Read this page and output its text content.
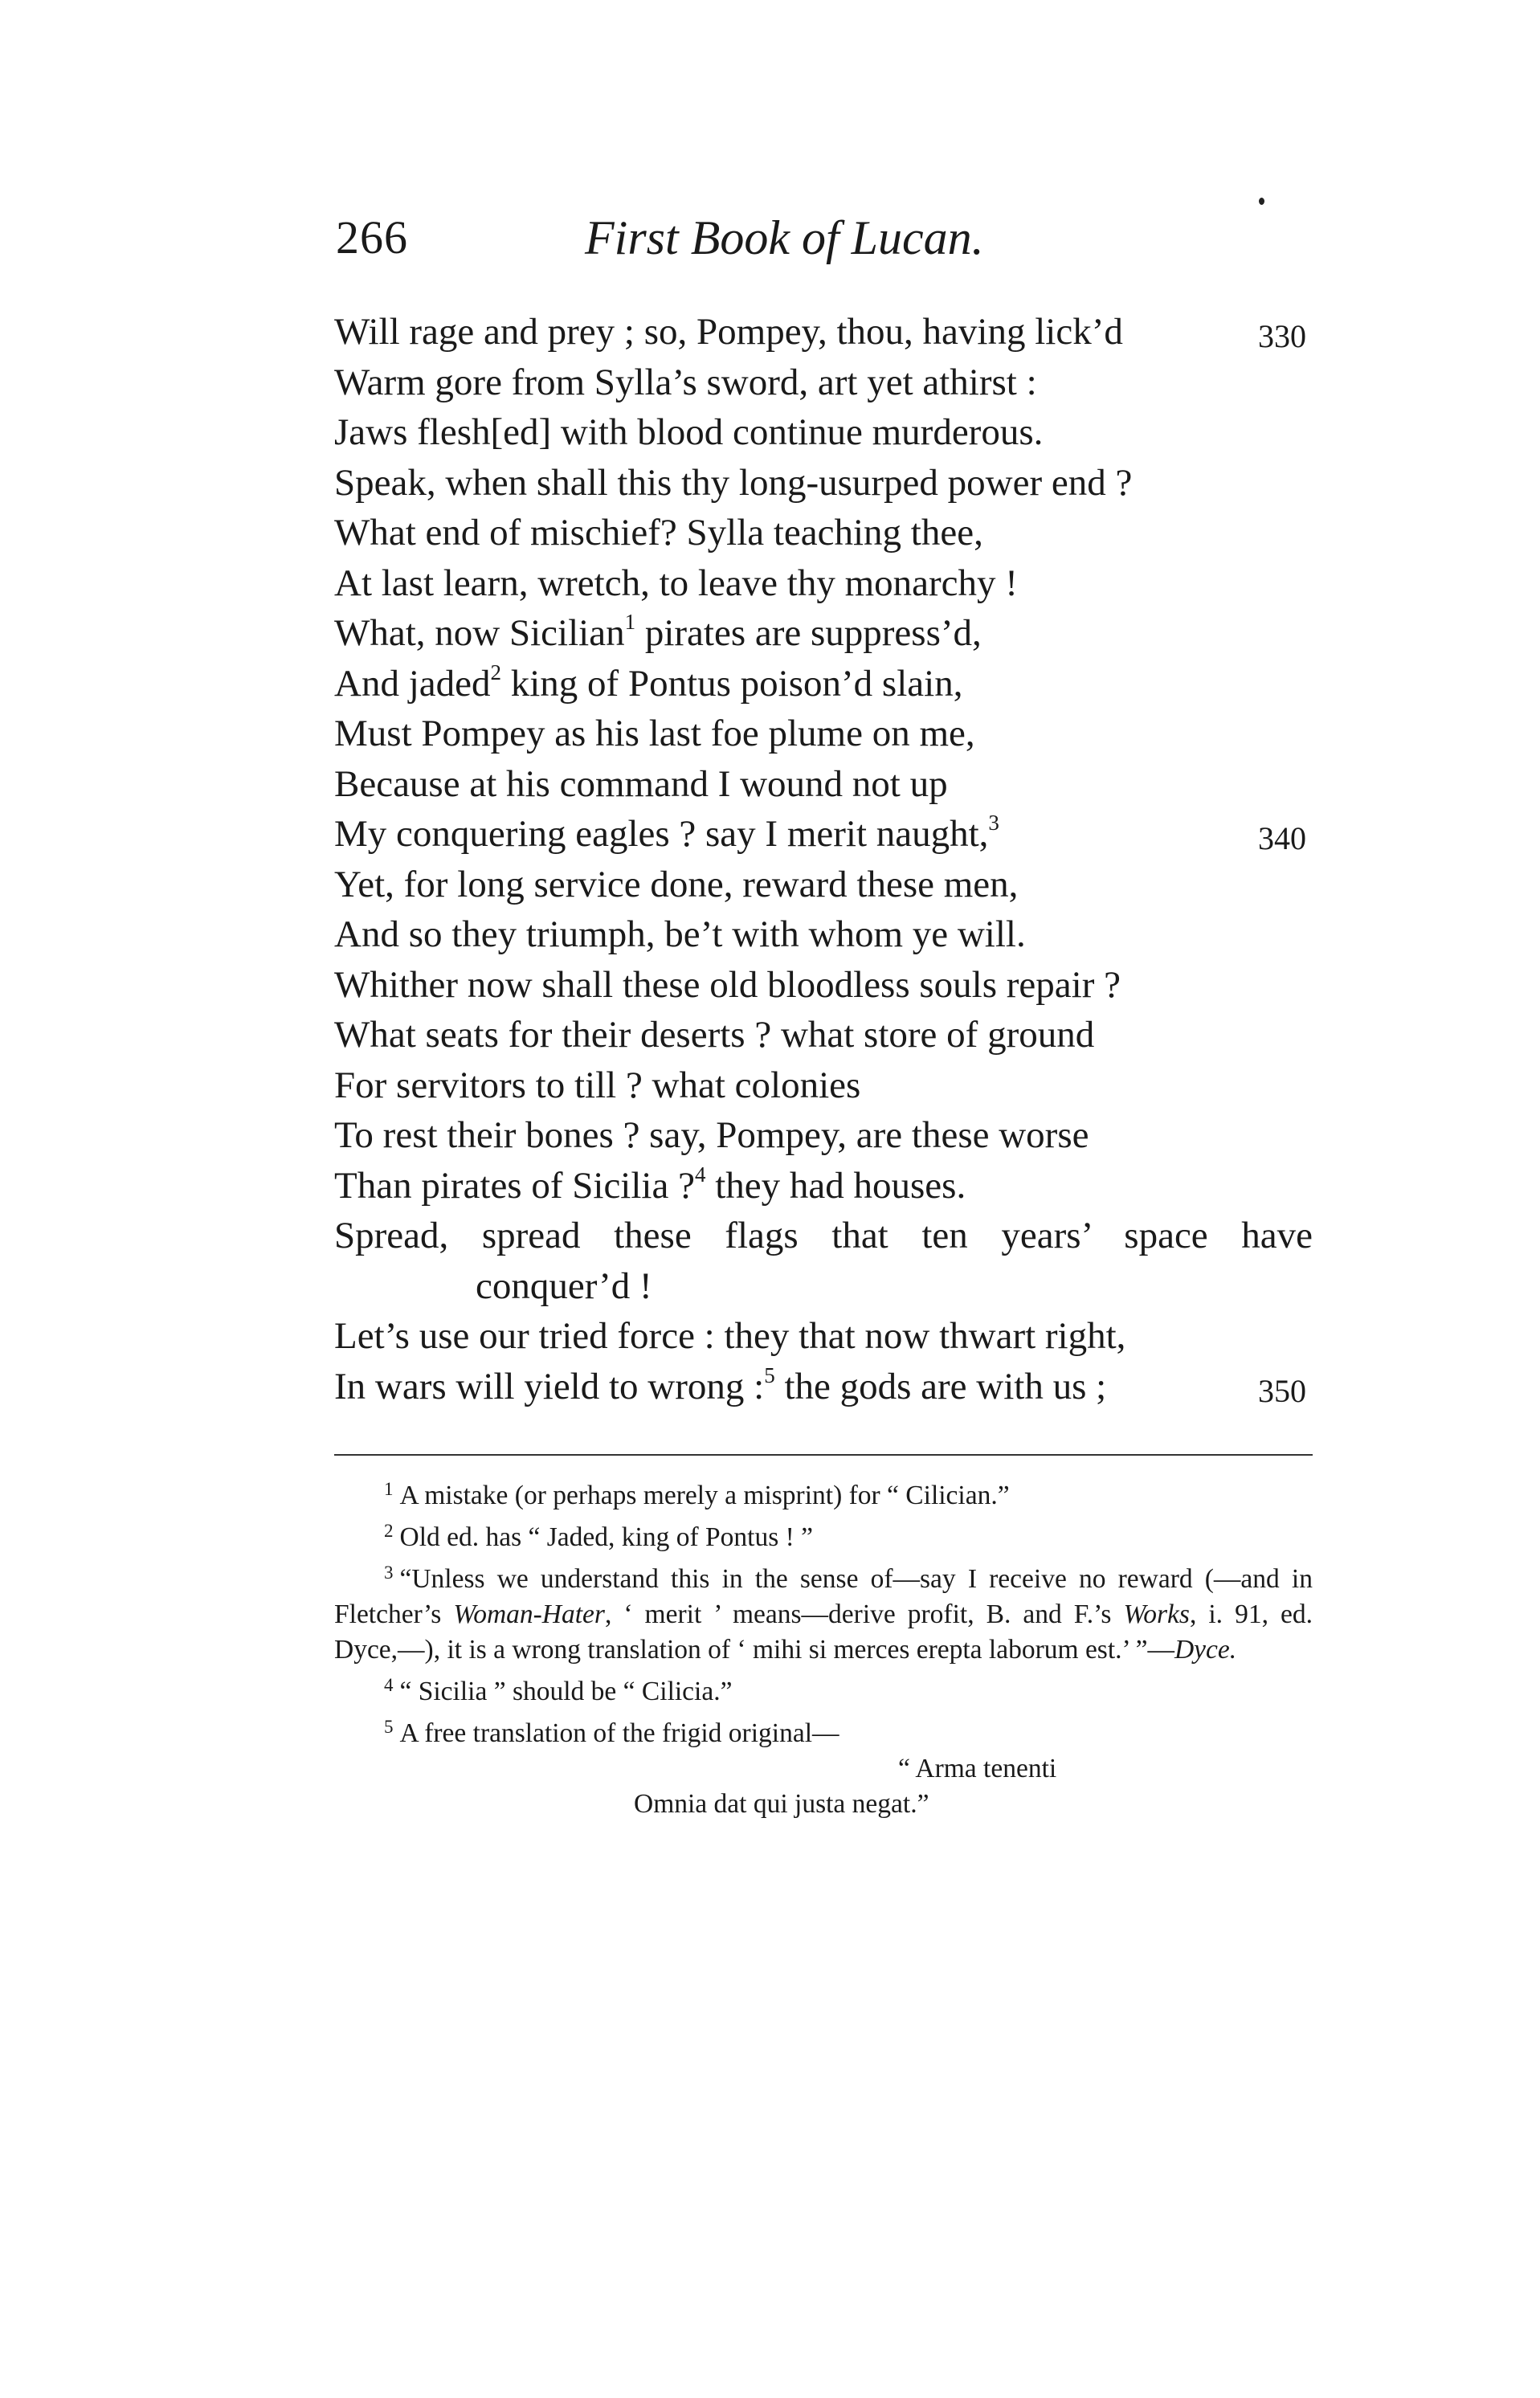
266	First Book of Lucan.
Will rage and prey ; so, Pompey, thou, having lick’d	330
Warm gore from Sylla’s sword, art yet athirst :
Jaws flesh[ed] with blood continue murderous.
Speak, when shall this thy long-usurped power end ?
What end of mischief? Sylla teaching thee,
At last learn, wretch, to leave thy monarchy !
What, now Sicilian$^1$ pirates are suppress’d,
And jaded$^2$ king of Pontus poison’d slain,
Must Pompey as his last foe plume on me,
Because at his command I wound not up
My conquering eagles ? say I merit naught,$^3$	340
Yet, for long service done, reward these men,
And so they triumph, be’t with whom ye will.
Whither now shall these old bloodless souls repair ?
What seats for their deserts ? what store of ground
For servitors to till ? what colonies
To rest their bones ? say, Pompey, are these worse
Than pirates of Sicilia ?$^4$ they had houses.
Spread, spread these flags that ten years’ space have
conquer’d !
Let’s use our tried force : they that now thwart right,
In wars will yield to wrong :$^5$ the gods are with us ;	350
$^1$ A mistake (or perhaps merely a misprint) for “ Cilician.”
$^2$ Old ed. has “ Jaded, king of Pontus ! ”
$^3$ “Unless we understand this in the sense of—say I receive no reward (—and in Fletcher’s Woman-Hater, ‘ merit ’ means—derive profit, B. and F.’s Works, i. 91, ed. Dyce,—), it is a wrong translation of ‘ mihi si merces erepta laborum est.’ ”—Dyce.
$^4$ “ Sicilia ” should be “ Cilicia.”
$^5$ A free translation of the frigid original—
“ Arma tenenti
Omnia dat qui justa negat.”
